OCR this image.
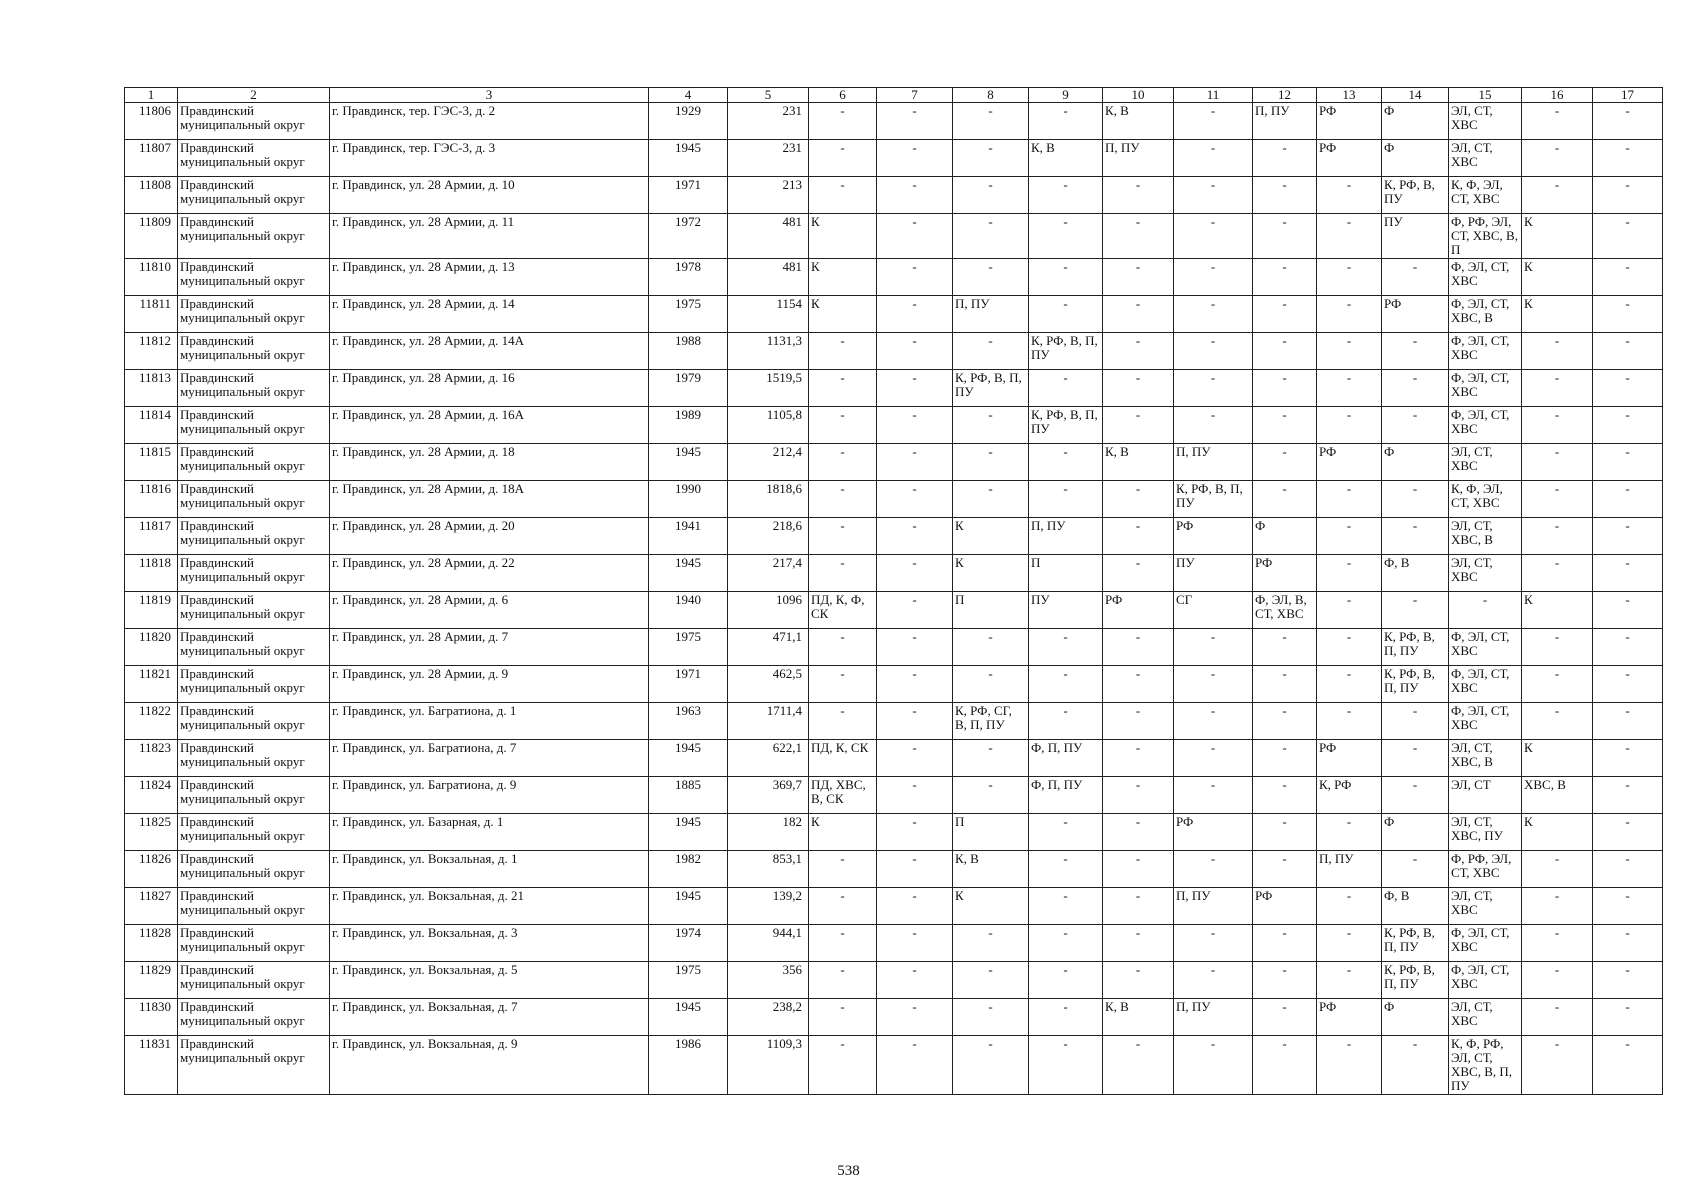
1	2	3	4	5	6	7	8	9	10	11	12	13	14	15	16	17
11806	Правдинский муниципальный округ	г. Правдинск, тер. ГЭС-3, д. 2	1929	231	-	-	-	-	К, В	-	П, ПУ	РФ	Ф	ЭЛ, СТ, ХВС	-	-
11807	Правдинский муниципальный округ	г. Правдинск, тер. ГЭС-3, д. 3	1945	231	-	-	-	К, В	П, ПУ	-	-	РФ	Ф	ЭЛ, СТ, ХВС	-	-
11808	Правдинский муниципальный округ	г. Правдинск, ул. 28 Армии, д. 10	1971	213	-	-	-	-	-	-	-	-	К, РФ, В, ПУ	К, Ф, ЭЛ, СТ, ХВС	-	-
11809	Правдинский муниципальный округ	г. Правдинск, ул. 28 Армии, д. 11	1972	481	К	-	-	-	-	-	-	-	ПУ	Ф, РФ, ЭЛ, СТ, ХВС, В, П	К	-
11810	Правдинский муниципальный округ	г. Правдинск, ул. 28 Армии, д. 13	1978	481	К	-	-	-	-	-	-	-	-	Ф, ЭЛ, СТ, ХВС	К	-
11811	Правдинский муниципальный округ	г. Правдинск, ул. 28 Армии, д. 14	1975	1154	К	-	П, ПУ	-	-	-	-	-	РФ	Ф, ЭЛ, СТ, ХВС, В	К	-
11812	Правдинский муниципальный округ	г. Правдинск, ул. 28 Армии, д. 14А	1988	1131,3	-	-	-	К, РФ, В, П, ПУ	-	-	-	-	-	Ф, ЭЛ, СТ, ХВС	-	-
11813	Правдинский муниципальный округ	г. Правдинск, ул. 28 Армии, д. 16	1979	1519,5	-	-	К, РФ, В, П, ПУ	-	-	-	-	-	-	Ф, ЭЛ, СТ, ХВС	-	-
11814	Правдинский муниципальный округ	г. Правдинск, ул. 28 Армии, д. 16А	1989	1105,8	-	-	-	К, РФ, В, П, ПУ	-	-	-	-	-	Ф, ЭЛ, СТ, ХВС	-	-
11815	Правдинский муниципальный округ	г. Правдинск, ул. 28 Армии, д. 18	1945	212,4	-	-	-	-	К, В	П, ПУ	-	РФ	Ф	ЭЛ, СТ, ХВС	-	-
11816	Правдинский муниципальный округ	г. Правдинск, ул. 28 Армии, д. 18А	1990	1818,6	-	-	-	-	-	К, РФ, В, П, ПУ	-	-	-	К, Ф, ЭЛ, СТ, ХВС	-	-
11817	Правдинский муниципальный округ	г. Правдинск, ул. 28 Армии, д. 20	1941	218,6	-	-	К	П, ПУ	-	РФ	Ф	-	-	ЭЛ, СТ, ХВС, В	-	-
11818	Правдинский муниципальный округ	г. Правдинск, ул. 28 Армии, д. 22	1945	217,4	-	-	К	П	-	ПУ	РФ	-	Ф, В	ЭЛ, СТ, ХВС	-	-
11819	Правдинский муниципальный округ	г. Правдинск, ул. 28 Армии, д. 6	1940	1096	ПД, К, Ф, СК	-	П	ПУ	РФ	СГ	Ф, ЭЛ, В, СТ, ХВС	-	-	-	К	-
11820	Правдинский муниципальный округ	г. Правдинск, ул. 28 Армии, д. 7	1975	471,1	-	-	-	-	-	-	-	-	К, РФ, В, П, ПУ	Ф, ЭЛ, СТ, ХВС	-	-
11821	Правдинский муниципальный округ	г. Правдинск, ул. 28 Армии, д. 9	1971	462,5	-	-	-	-	-	-	-	-	К, РФ, В, П, ПУ	Ф, ЭЛ, СТ, ХВС	-	-
11822	Правдинский муниципальный округ	г. Правдинск, ул. Багратиона, д. 1	1963	1711,4	-	-	К, РФ, СГ, В, П, ПУ	-	-	-	-	-	-	Ф, ЭЛ, СТ, ХВС	-	-
11823	Правдинский муниципальный округ	г. Правдинск, ул. Багратиона, д. 7	1945	622,1	ПД, К, СК	-	-	Ф, П, ПУ	-	-	-	РФ	-	ЭЛ, СТ, ХВС, В	К	-
11824	Правдинский муниципальный округ	г. Правдинск, ул. Багратиона, д. 9	1885	369,7	ПД, ХВС, В, СК	-	-	Ф, П, ПУ	-	-	-	К, РФ	-	ЭЛ, СТ	ХВС, В	-
11825	Правдинский муниципальный округ	г. Правдинск, ул. Базарная, д. 1	1945	182	К	-	П	-	-	РФ	-	-	Ф	ЭЛ, СТ, ХВС, ПУ	К	-
11826	Правдинский муниципальный округ	г. Правдинск, ул. Вокзальная, д. 1	1982	853,1	-	-	К, В	-	-	-	-	П, ПУ	-	Ф, РФ, ЭЛ, СТ, ХВС	-	-
11827	Правдинский муниципальный округ	г. Правдинск, ул. Вокзальная, д. 21	1945	139,2	-	-	К	-	-	П, ПУ	РФ	-	Ф, В	ЭЛ, СТ, ХВС	-	-
11828	Правдинский муниципальный округ	г. Правдинск, ул. Вокзальная, д. 3	1974	944,1	-	-	-	-	-	-	-	-	К, РФ, В, П, ПУ	Ф, ЭЛ, СТ, ХВС	-	-
11829	Правдинский муниципальный округ	г. Правдинск, ул. Вокзальная, д. 5	1975	356	-	-	-	-	-	-	-	-	К, РФ, В, П, ПУ	Ф, ЭЛ, СТ, ХВС	-	-
11830	Правдинский муниципальный округ	г. Правдинск, ул. Вокзальная, д. 7	1945	238,2	-	-	-	-	К, В	П, ПУ	-	РФ	Ф	ЭЛ, СТ, ХВС	-	-
11831	Правдинский муниципальный округ	г. Правдинск, ул. Вокзальная, д. 9	1986	1109,3	-	-	-	-	-	-	-	-	-	К, Ф, РФ, ЭЛ, СТ, ХВС, В, П, ПУ	-	-
538
